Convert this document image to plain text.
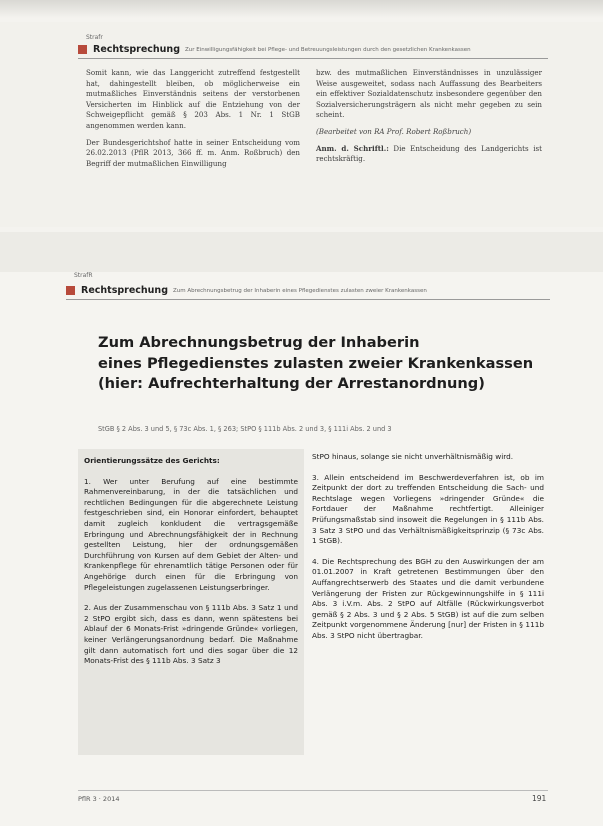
Strafr
Rechtsprechung Zur Einwilligungsfähigkeit bei Pflege- und Betreuungsleistungen durch den gesetzlichen Krankenkassen

Somit kann, wie das Langgericht zutreffend festgestellt hat, dahingestellt bleiben, ob möglicherweise ein mutmaßliches Einverständnis seitens der verstorbenen Versicherten im Hinblick auf die Entziehung von der Schweigepflicht gemäß § 203 Abs. 1 Nr. 1 StGB angenommen werden kann.

Der Bundesgerichtshof hatte in seiner Entscheidung vom 26.02.2013 (PflR 2013, 366 ff. m. Anm. Roßbruch) den Begriff der mutmaßlichen Einwilligung

bzw. des mutmaßlichen Einverständnisses in unzulässiger Weise ausgeweitet, sodass nach Auffassung des Bearbeiters ein effektiver Sozialdatenschutz insbesondere gegenüber den Sozialversicherungsträgern als nicht mehr gegeben zu sein scheint.

(Bearbeitet von RA Prof. Robert Roßbruch)

Anm. d. Schriftl.: Die Entscheidung des Landgerichts ist rechtskräftig.

StrafR
Rechtsprechung Zum Abrechnungsbetrug der Inhaberin eines Pflegedienstes zulasten zweier Krankenkassen
Zum Abrechnungsbetrug der Inhaberin
eines Pflegedienstes zulasten zweier Krankenkassen
(hier: Aufrechterhaltung der Arrestanordnung)
StGB § 2 Abs. 3 und 5, § 73c Abs. 1, § 263; StPO § 111b Abs. 2 und 3, § 111i Abs. 2 und 3

Orientierungssätze des Gerichts:

1. Wer unter Berufung auf eine bestimmte Rahmenvereinbarung, in der die tatsächlichen und rechtlichen Bedingungen für die abgerechnete Leistung festgeschrieben sind, ein Honorar einfordert, behauptet damit zugleich konkludent die vertragsgemäße Erbringung und Abrechnungsfähigkeit der in Rechnung gestellten Leistung, hier der ordnungsgemäßen Durchführung von Kursen auf dem Gebiet der Alten- und Krankenpflege für ehrenamtlich tätige Personen oder für Angehörige durch einen für die Erbringung von Pflegeleistungen zugelassenen Leistungserbringer.

2. Aus der Zusammenschau von § 111b Abs. 3 Satz 1 und 2 StPO ergibt sich, dass es dann, wenn spätestens bei Ablauf der 6 Monats-Frist »dringende Gründe« vorliegen, keiner Verlängerungsanordnung bedarf. Die Maßnahme gilt dann automatisch fort und dies sogar über die 12 Monats-Frist des § 111b Abs. 3 Satz 3

StPO hinaus, solange sie nicht unverhältnismäßig wird.

3. Allein entscheidend im Beschwerdeverfahren ist, ob im Zeitpunkt der dort zu treffenden Entscheidung die Sach- und Rechtslage wegen Vorliegens »dringender Gründe« die Fortdauer der Maßnahme rechtfertigt. Alleiniger Prüfungsmaßstab sind insoweit die Regelungen in § 111b Abs. 3 Satz 3 StPO und das Verhältnismäßigkeitsprinzip (§ 73c Abs. 1 StGB).

4. Die Rechtsprechung des BGH zu den Auswirkungen der am 01.01.2007 in Kraft getretenen Bestimmungen über den Auffangrechtserwerb des Staates und die damit verbundene Verlängerung der Fristen zur Rückgewinnungshilfe in § 111i Abs. 3 i.V.m. Abs. 2 StPO auf Altfälle (Rückwirkungsverbot gemäß § 2 Abs. 3 und § 2 Abs. 5 StGB) ist auf die zum selben Zeitpunkt vorgenommene Änderung [nur] der Fristen in § 111b Abs. 3 StPO nicht übertragbar.

PflR 3 · 2014	191
